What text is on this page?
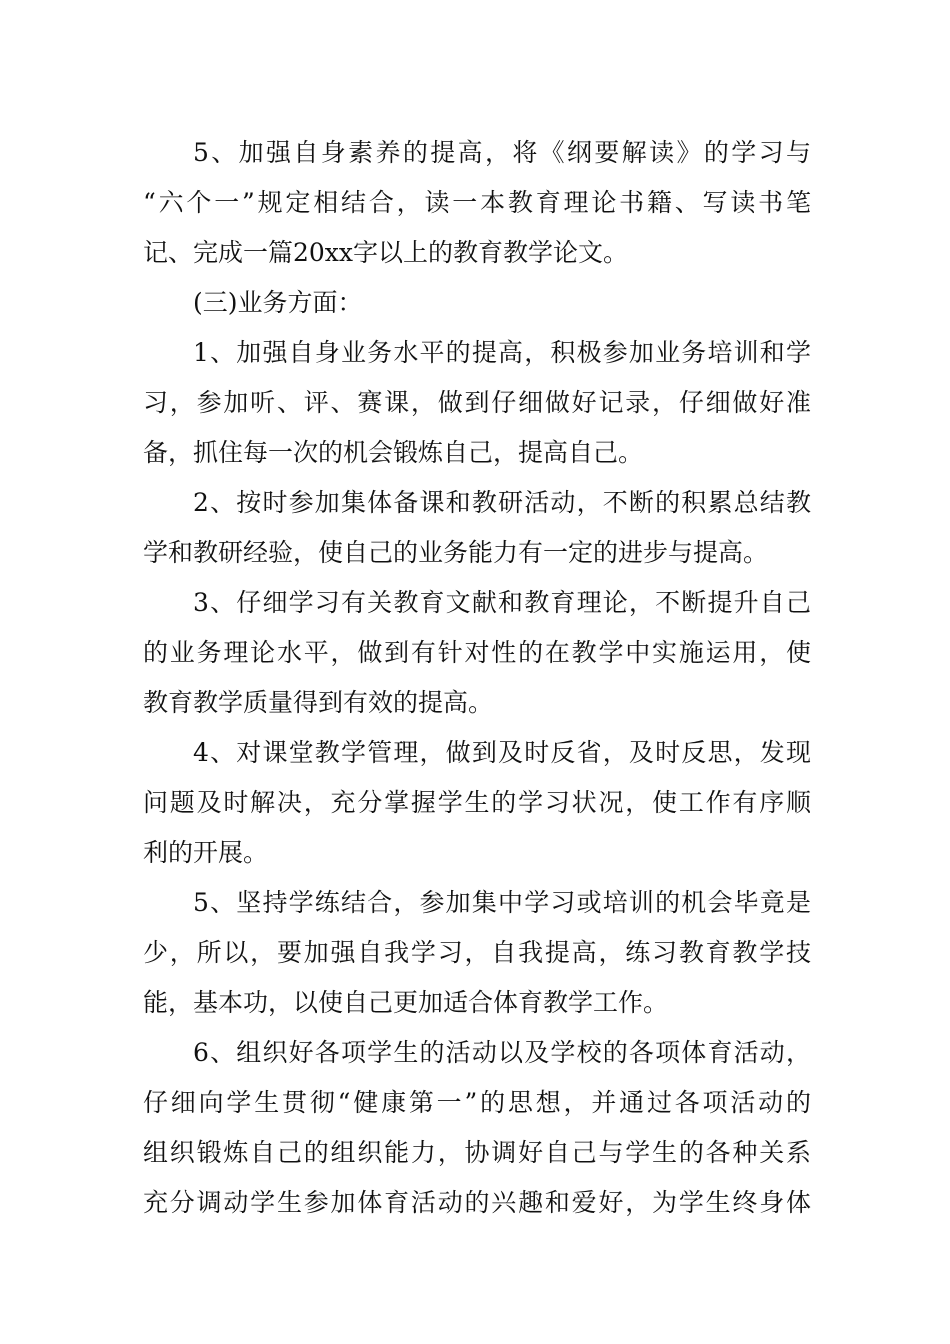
5、加强自身素养的提高，将《纲要解读》的学习与
“六个一”规定相结合，读一本教育理论书籍、写读书笔
记、完成一篇20xx字以上的教育教学论文。
(三)业务方面：
1、加强自身业务水平的提高，积极参加业务培训和学
习，参加听、评、赛课，做到仔细做好记录，仔细做好准
备，抓住每一次的机会锻炼自己，提高自己。
2、按时参加集体备课和教研活动，不断的积累总结教
学和教研经验，使自己的业务能力有一定的进步与提高。
3、仔细学习有关教育文献和教育理论，不断提升自己
的业务理论水平，做到有针对性的在教学中实施运用，使
教育教学质量得到有效的提高。
4、对课堂教学管理，做到及时反省，及时反思，发现
问题及时解决，充分掌握学生的学习状况，使工作有序顺
利的开展。
5、坚持学练结合，参加集中学习或培训的机会毕竟是
少，所以，要加强自我学习，自我提高，练习教育教学技
能，基本功，以使自己更加适合体育教学工作。
6、组织好各项学生的活动以及学校的各项体育活动，
仔细向学生贯彻“健康第一”的思想，并通过各项活动的
组织锻炼自己的组织能力，协调好自己与学生的各种关系
充分调动学生参加体育活动的兴趣和爱好，为学生终身体
